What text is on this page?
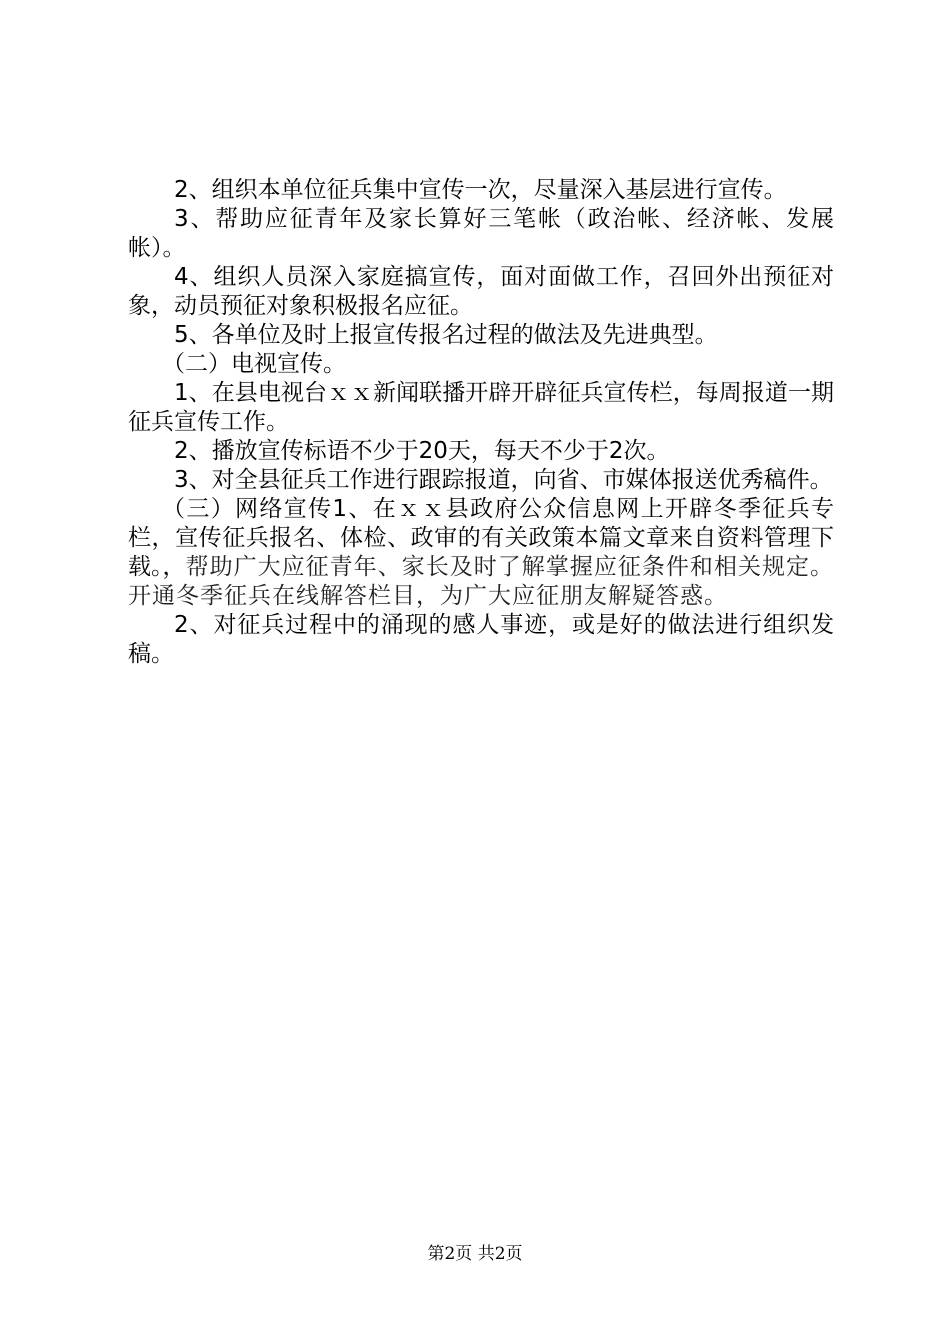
2、组织本单位征兵集中宣传一次，尽量深入基层进行宣传。

3、帮助应征青年及家长算好三笔帐（政治帐、经济帐、发展帐）。

4、组织人员深入家庭搞宣传，面对面做工作，召回外出预征对象，动员预征对象积极报名应征。

5、各单位及时上报宣传报名过程的做法及先进典型。

（二）电视宣传。

1、在县电视台ｘｘ新闻联播开辟开辟征兵宣传栏，每周报道一期征兵宣传工作。

2、播放宣传标语不少于20天，每天不少于2次。

3、对全县征兵工作进行跟踪报道，向省、市媒体报送优秀稿件。

（三）网络宣传1、在ｘｘ县政府公众信息网上开辟冬季征兵专栏，宣传征兵报名、体检、政审的有关政策本篇文章来自资料管理下载。，帮助广大应征青年、家长及时了解掌握应征条件和相关规定。开通冬季征兵在线解答栏目，为广大应征朋友解疑答惑。

2、对征兵过程中的涌现的感人事迹，或是好的做法进行组织发稿。

第2页 共2页
